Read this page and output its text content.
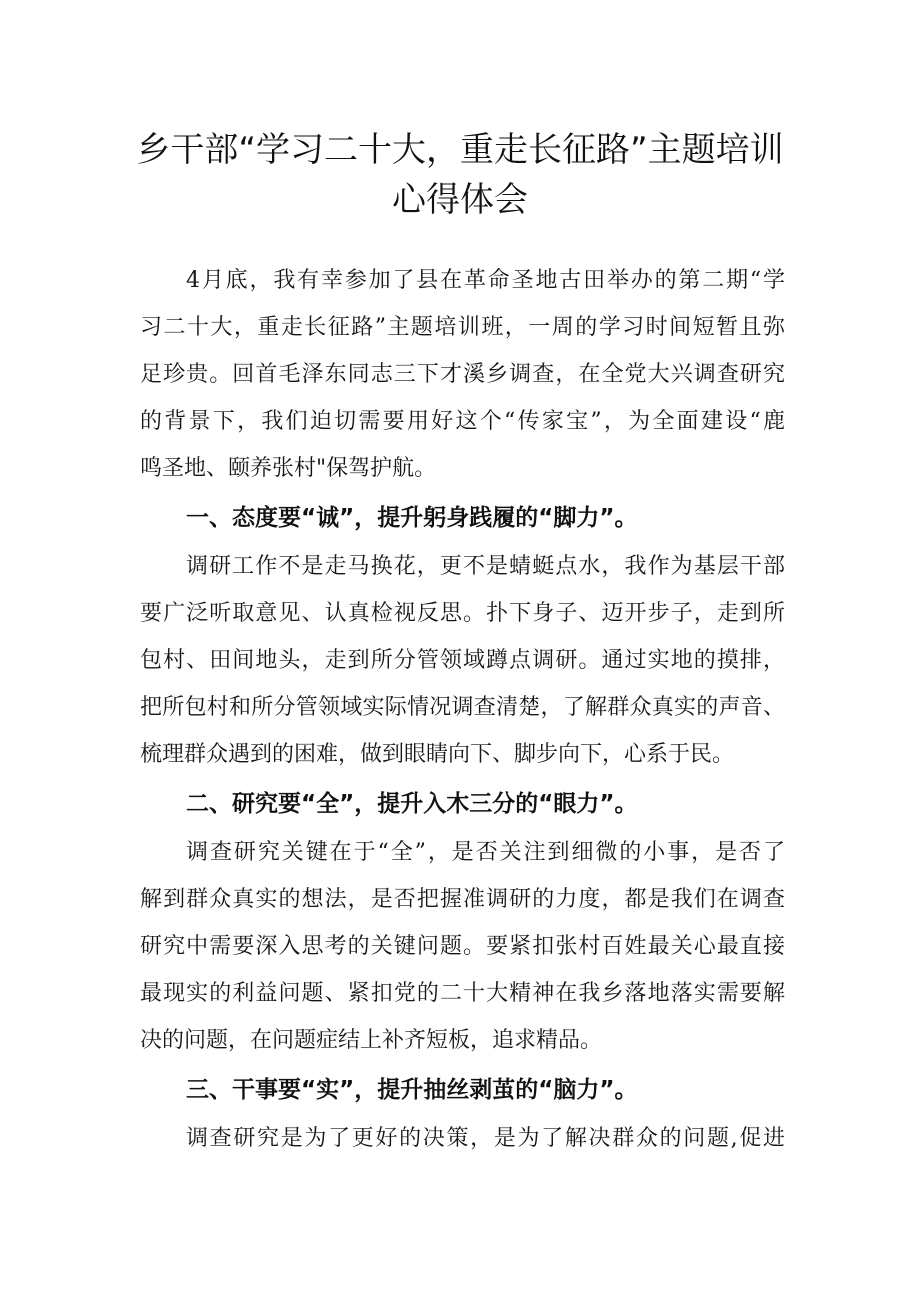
乡干部“学习二十大，重走长征路”主题培训
心得体会

4月底，我有幸参加了县在革命圣地古田举办的第二期“学

习二十大，重走长征路”主题培训班，一周的学习时间短暂且弥

足珍贵。回首毛泽东同志三下才溪乡调查，在全党大兴调查研究

的背景下，我们迫切需要用好这个“传家宝”，为全面建设“鹿

鸣圣地、颐养张村"保驾护航。

一、态度要“诚”，提升躬身践履的“脚力”。

调研工作不是走马换花，更不是蜻蜓点水，我作为基层干部

要广泛听取意见、认真检视反思。扑下身子、迈开步子，走到所

包村、田间地头，走到所分管领域蹲点调研。通过实地的摸排，

把所包村和所分管领域实际情况调查清楚，了解群众真实的声音、

梳理群众遇到的困难，做到眼睛向下、脚步向下，心系于民。

二、研究要“全”，提升入木三分的“眼力”。

调查研究关键在于“全”，是否关注到细微的小事，是否了

解到群众真实的想法，是否把握准调研的力度，都是我们在调查

研究中需要深入思考的关键问题。要紧扣张村百姓最关心最直接

最现实的利益问题、紧扣党的二十大精神在我乡落地落实需要解

决的问题，在问题症结上补齐短板，追求精品。

三、干事要“实”，提升抽丝剥茧的“脑力”。

调查研究是为了更好的决策，是为了解决群众的问题,促进
